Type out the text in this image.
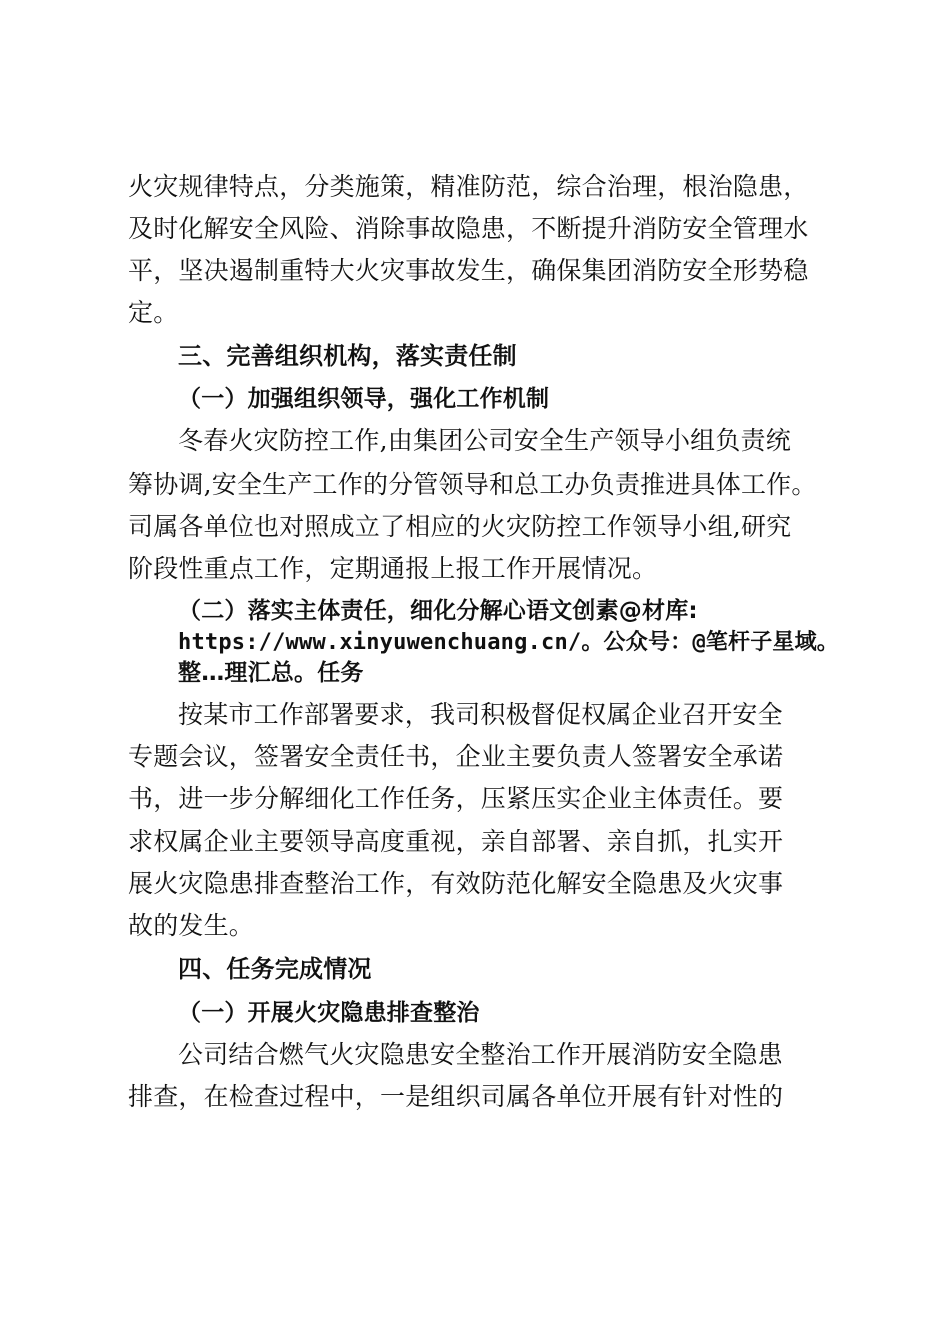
火灾规律特点，分类施策，精准防范，综合治理，根治隐患，

及时化解安全风险、消除事故隐患，不断提升消防安全管理水

平，坚决遏制重特大火灾事故发生，确保集团消防安全形势稳

定。

三、完善组织机构，落实责任制
（一）加强组织领导，强化工作机制

冬春火灾防控工作,由集团公司安全生产领导小组负责统

筹协调,安全生产工作的分管领导和总工办负责推进具体工作。

司属各单位也对照成立了相应的火灾防控工作领导小组,研究

阶段性重点工作，定期通报上报工作开展情况。

（二）落实主体责任，细化分解心语文创素@材库:
https://www.xinyuwenchuang.cn/。公众号：@笔杆子星域。
整…理汇总。任务

按某市工作部署要求，我司积极督促权属企业召开安全

专题会议，签署安全责任书，企业主要负责人签署安全承诺

书，进一步分解细化工作任务，压紧压实企业主体责任。要

求权属企业主要领导高度重视，亲自部署、亲自抓，扎实开

展火灾隐患排查整治工作，有效防范化解安全隐患及火灾事

故的发生。

四、任务完成情况
（一）开展火灾隐患排查整治

公司结合燃气火灾隐患安全整治工作开展消防安全隐患

排查，在检查过程中，一是组织司属各单位开展有针对性的
